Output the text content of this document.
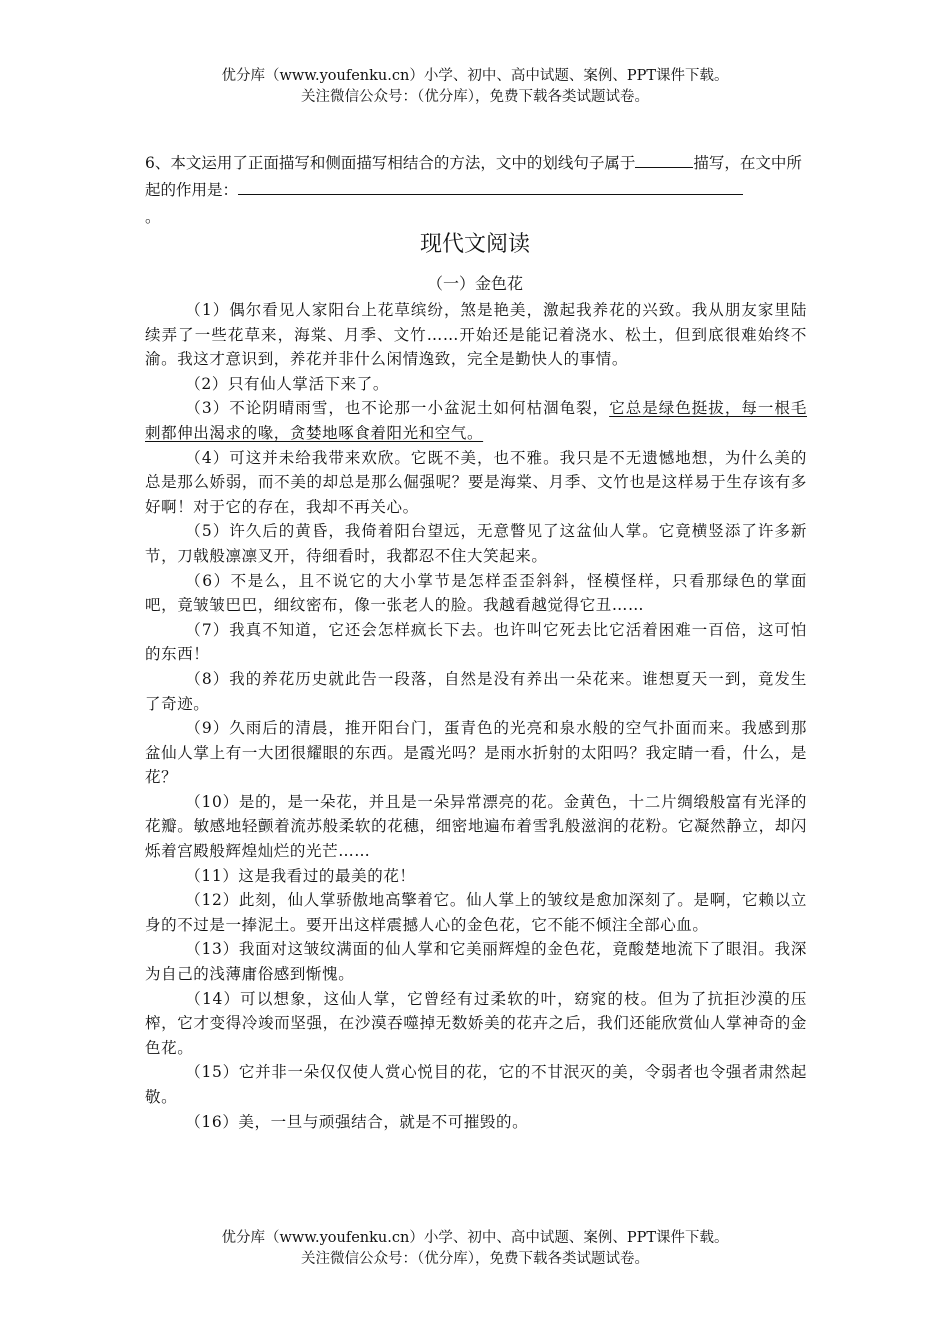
优分库（www.youfenku.cn）小学、初中、高中试题、案例、PPT课件下载。
关注微信公众号：（优分库），免费下载各类试题试卷。
6、本文运用了正面描写和侧面描写相结合的方法，文中的划线句子属于	描写，在文中所起的作用是：
。
现代文阅读
（一）金色花

（1）偶尔看见人家阳台上花草缤纷，煞是艳美，激起我养花的兴致。我从朋友家里陆续弄了一些花草来，海棠、月季、文竹……开始还是能记着浇水、松土，但到底很难始终不渝。我这才意识到，养花并非什么闲情逸致，完全是勤快人的事情。

（2）只有仙人掌活下来了。

（3）不论阴晴雨雪，也不论那一小盆泥土如何枯涸龟裂，它总是绿色挺拔，每一根毛刺都伸出渴求的喙，贪婪地啄食着阳光和空气。

（4）可这并未给我带来欢欣。它既不美，也不雅。我只是不无遗憾地想，为什么美的总是那么娇弱，而不美的却总是那么倔强呢？要是海棠、月季、文竹也是这样易于生存该有多好啊！对于它的存在，我却不再关心。

（5）许久后的黄昏，我倚着阳台望远，无意瞥见了这盆仙人掌。它竟横竖添了许多新节，刀戟般凛凛叉开，待细看时，我都忍不住大笑起来。

（6）不是么，且不说它的大小掌节是怎样歪歪斜斜，怪模怪样，只看那绿色的掌面吧，竟皱皱巴巴，细纹密布，像一张老人的脸。我越看越觉得它丑……

（7）我真不知道，它还会怎样疯长下去。也许叫它死去比它活着困难一百倍，这可怕的东西！

（8）我的养花历史就此告一段落，自然是没有养出一朵花来。谁想夏天一到，竟发生了奇迹。

（9）久雨后的清晨，推开阳台门，蛋青色的光亮和泉水般的空气扑面而来。我感到那盆仙人掌上有一大团很耀眼的东西。是霞光吗？是雨水折射的太阳吗？我定睛一看，什么，是花？

（10）是的，是一朵花，并且是一朵异常漂亮的花。金黄色，十二片绸缎般富有光泽的花瓣。敏感地轻颤着流苏般柔软的花穗，细密地遍布着雪乳般滋润的花粉。它凝然静立，却闪烁着宫殿般辉煌灿烂的光芒……

（11）这是我看过的最美的花！

（12）此刻，仙人掌骄傲地高擎着它。仙人掌上的皱纹是愈加深刻了。是啊，它赖以立身的不过是一捧泥土。要开出这样震撼人心的金色花，它不能不倾注全部心血。

（13）我面对这皱纹满面的仙人掌和它美丽辉煌的金色花，竟酸楚地流下了眼泪。我深为自己的浅薄庸俗感到惭愧。

（14）可以想象，这仙人掌，它曾经有过柔软的叶，窈窕的枝。但为了抗拒沙漠的压榨，它才变得冷竣而坚强，在沙漠吞噬掉无数娇美的花卉之后，我们还能欣赏仙人掌神奇的金色花。

（15）它并非一朵仅仅使人赏心悦目的花，它的不甘泯灭的美，令弱者也令强者肃然起敬。

（16）美，一旦与顽强结合，就是不可摧毁的。

优分库（www.youfenku.cn）小学、初中、高中试题、案例、PPT课件下载。
关注微信公众号：（优分库），免费下载各类试题试卷。
